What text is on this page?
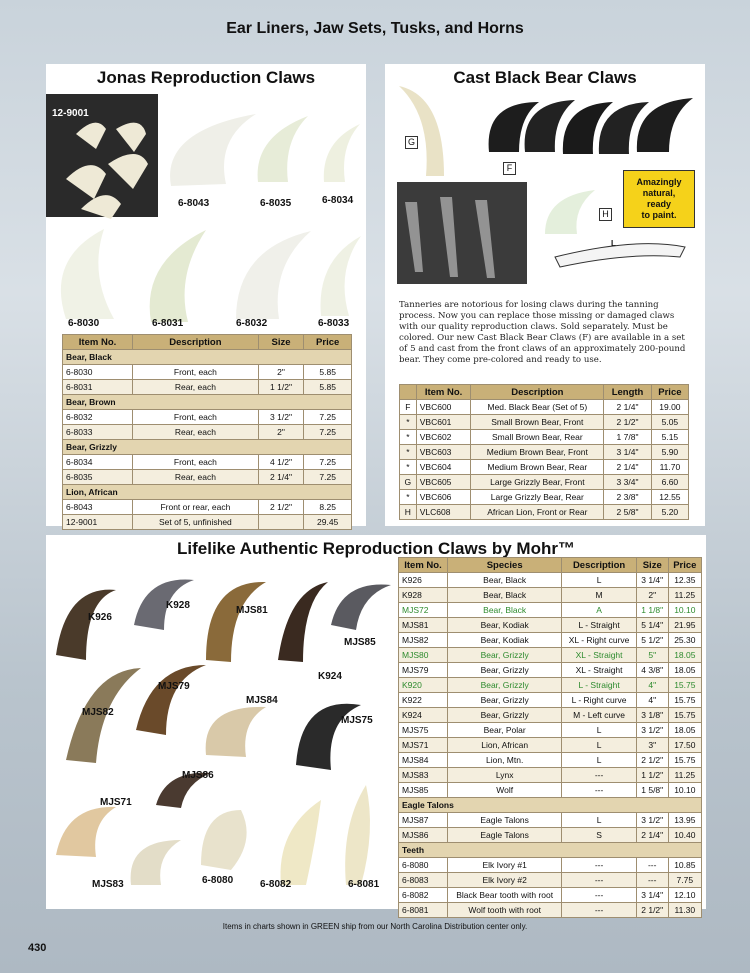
Ear Liners, Jaw Sets, Tusks, and Horns
Jonas Reproduction Claws
12-9001
6-8043	6-8035	6-8034
6-8030	6-8031	6-8032	6-8033
Item No.	Description	Size	Price
Bear, Black			
6-8030	Front, each	2"	5.85
6-8031	Rear, each	1 1/2"	5.85
Bear, Brown			
6-8032	Front, each	3 1/2"	7.25
6-8033	Rear, each	2"	7.25
Bear, Grizzly			
6-8034	Front, each	4 1/2"	7.25
6-8035	Rear, each	2 1/4"	7.25
Lion, African			
6-8043	Front or rear, each	2 1/2"	8.25
12-9001	Set of 5, unfinished		29.45
Cast Black Bear Claws
G
F
H
L
Amazingly
natural,
ready
to paint.
Tanneries are notorious for losing claws during the tanning process. Now you can replace those missing or damaged claws with our quality reproduction claws. Sold separately. Must be colored. Our new Cast Black Bear Claws (F) are available in a set of 5 and cast from the front claws of an approximately 200-pound bear. They come pre-colored and ready to use.
	Item No.	Description	Length	Price
F	VBC600	Med. Black Bear (Set of 5)	2 1/4"	19.00
*	VBC601	Small Brown Bear, Front	2 1/2"	5.05
*	VBC602	Small Brown Bear, Rear	1 7/8"	5.15
*	VBC603	Medium Brown Bear, Front	3 1/4"	5.90
*	VBC604	Medium Brown Bear, Rear	2 1/4"	11.70
G	VBC605	Large Grizzly Bear, Front	3 3/4"	6.60
*	VBC606	Large Grizzly Bear, Rear	2 3/8"	12.55
H	VLC608	African Lion, Front or Rear	2 5/8"	5.20
Lifelike Authentic Reproduction Claws by Mohr™
K926
K928	MJS81
MJS85
K924
MJS79
MJS82
MJS84
MJS75
MJS86
MJS71
MJS83	6-8080	6-8082	6-8081
Item No.	Species	Description	Size	Price
K926	Bear, Black	L	3 1/4"	12.35
K928	Bear, Black	M	2"	11.25
MJS72	Bear, Black	A	1 1/8"	10.10
MJS81	Bear, Kodiak	L - Straight	5 1/4"	21.95
MJS82	Bear, Kodiak	XL - Right curve	5 1/2"	25.30
MJS80	Bear, Grizzly	XL - Straight	5"	18.05
MJS79	Bear, Grizzly	XL - Straight	4 3/8"	18.05
K920	Bear, Grizzly	L - Straight	4"	15.75
K922	Bear, Grizzly	L - Right curve	4"	15.75
K924	Bear, Grizzly	M - Left curve	3 1/8"	15.75
MJS75	Bear, Polar	L	3 1/2"	18.05
MJS71	Lion, African	L	3"	17.50
MJS84	Lion, Mtn.	L	2 1/2"	15.75
MJS83	Lynx	---	1 1/2"	11.25
MJS85	Wolf	---	1 5/8"	10.10
Eagle Talons				
MJS87	Eagle Talons	L	3 1/2"	13.95
MJS86	Eagle Talons	S	2 1/4"	10.40
Teeth				
6-8080	Elk Ivory #1	---	---	10.85
6-8083	Elk Ivory #2	---	---	7.75
6-8082	Black Bear tooth with root	---	3 1/4"	12.10
6-8081	Wolf tooth with root	---	2 1/2"	11.30
Items in charts shown in GREEN ship from our North Carolina Distribution center only.
430
